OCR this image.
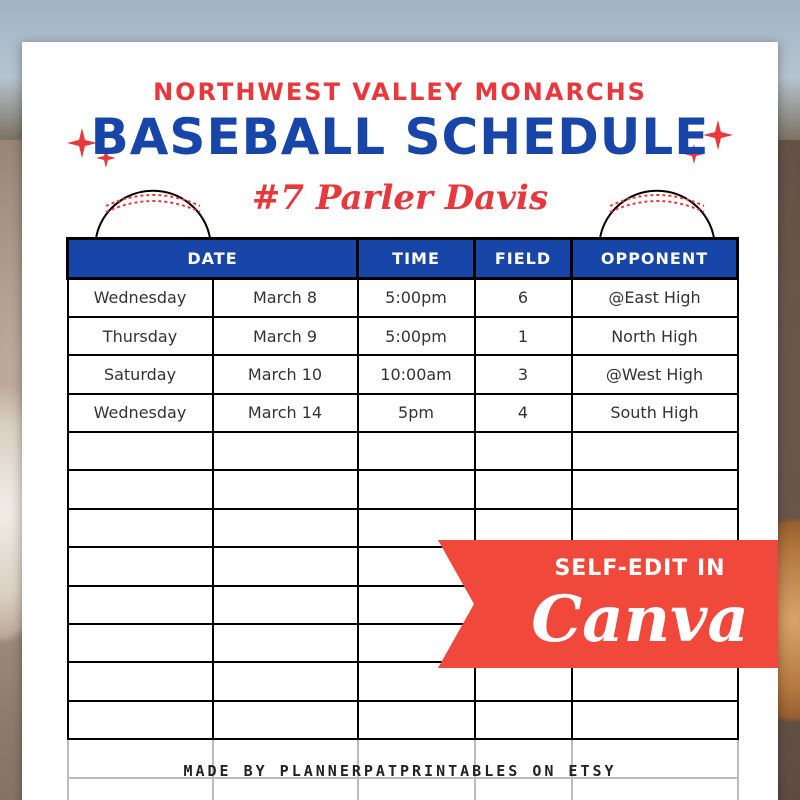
NORTHWEST VALLEY MONARCHS
BASEBALL SCHEDULE
#7 Parler Davis
DATE		TIME	FIELD	OPPONENT
Wednesday	March 8	5:00pm	6	@East High
Thursday	March 9	5:00pm	1	North High
Saturday	March 10	10:00am	3	@West High
Wednesday	March 14	5pm	4	South High

SELF-EDIT IN
Canva
MADE BY PLANNERPATPRINTABLES ON ETSY
